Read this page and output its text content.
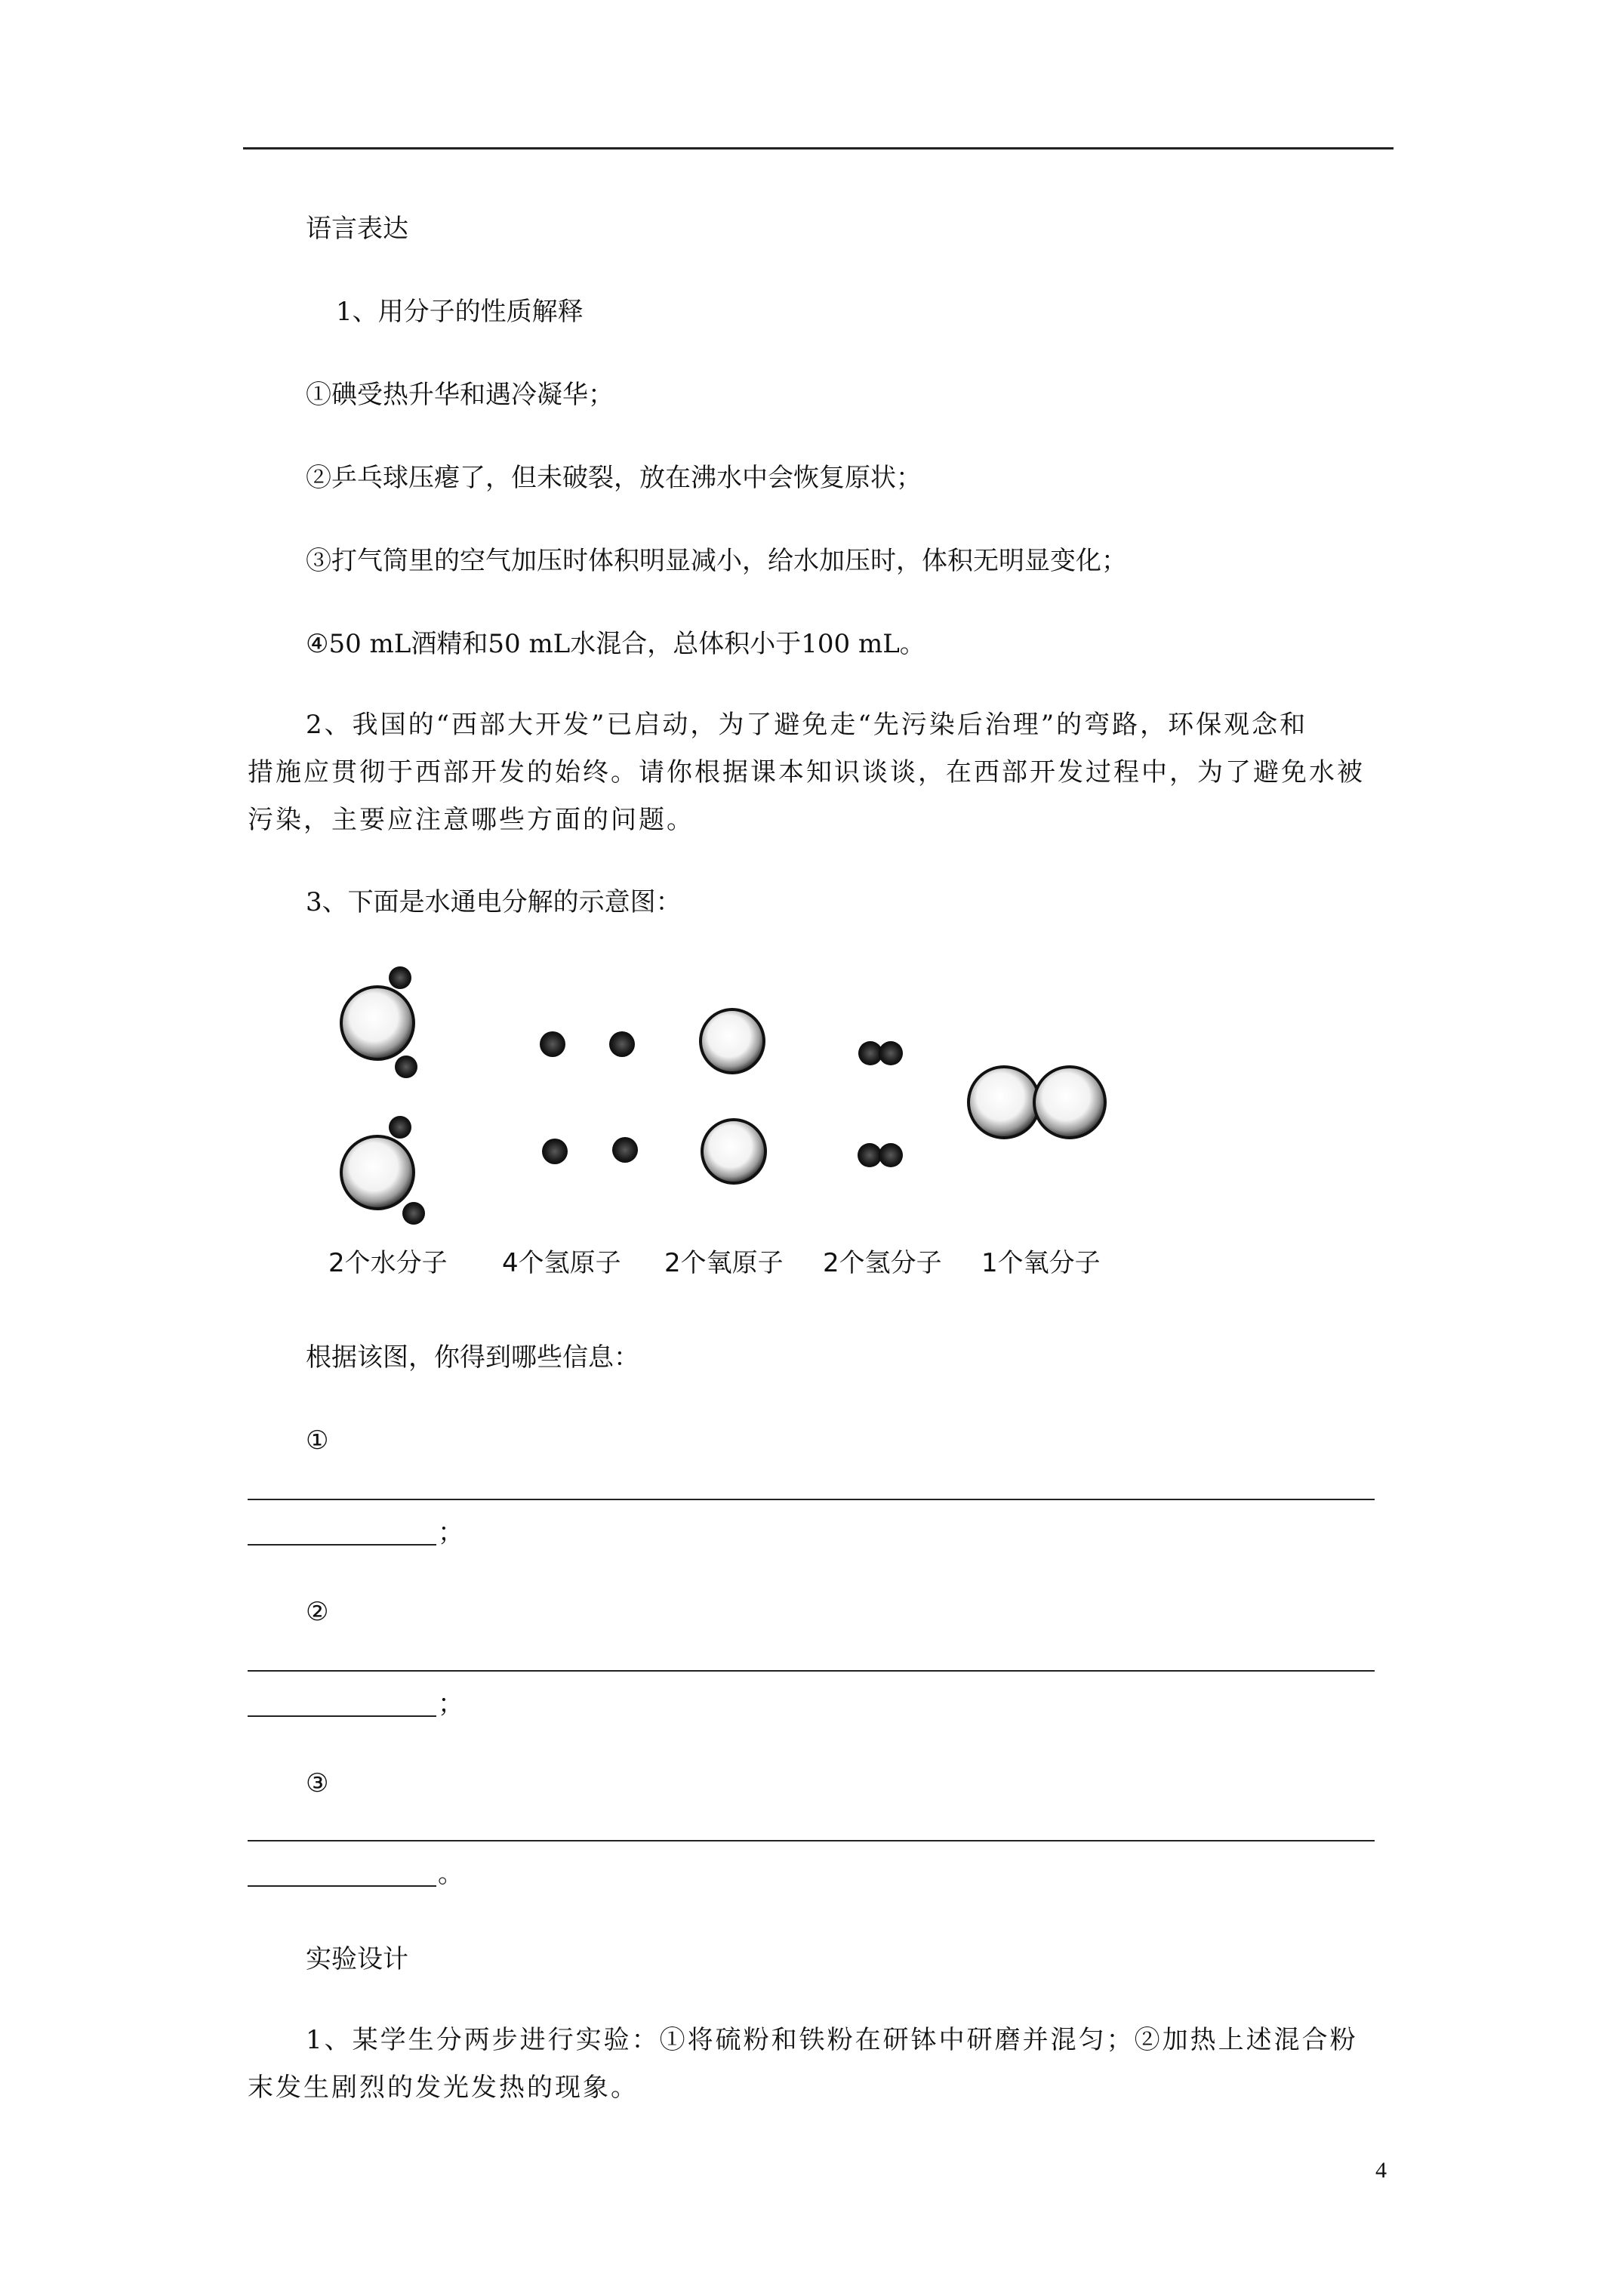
语言表达
1、用分子的性质解释
①碘受热升华和遇冷凝华；
②乒乓球压瘪了，但未破裂，放在沸水中会恢复原状；
③打气筒里的空气加压时体积明显减小，给水加压时，体积无明显变化；
④50 mL酒精和50 mL水混合，总体积小于100 mL。
2、我国的“西部大开发”已启动，为了避免走“先污染后治理”的弯路，环保观念和
措施应贯彻于西部开发的始终。请你根据课本知识谈谈，在西部开发过程中，为了避免水被
污染，主要应注意哪些方面的问题。
3、下面是水通电分解的示意图：
2个水分子 4个氢原子 2个氧原子 2个氢分子 1个氧分子
根据该图，你得到哪些信息：
①
；
②
；
③
。
实验设计
1、某学生分两步进行实验：①将硫粉和铁粉在研钵中研磨并混匀；②加热上述混合粉
末发生剧烈的发光发热的现象。
4
